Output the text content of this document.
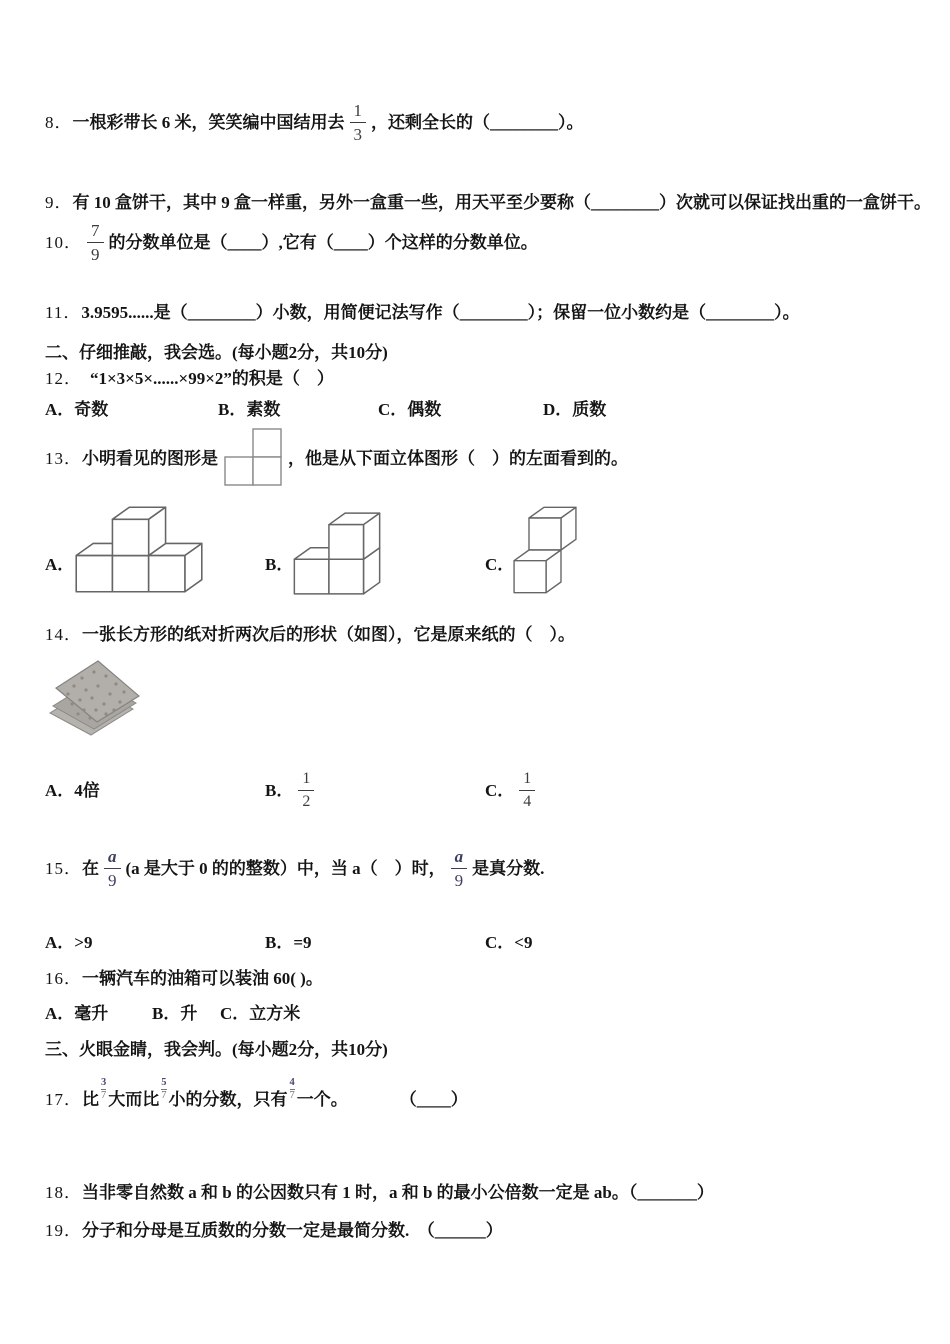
8． 一根彩带长 6 米，笑笑编中国结用去 $\frac{1}{3}$ ，还剩全长的（________）。
9． 有 10 盒饼干，其中 9 盒一样重，另外一盒重一些，用天平至少要称（________）次就可以保证找出重的一盒饼干。
10． $\frac{7}{9}$ 的分数单位是（____）,它有（____）个这样的分数单位。
11． 3.9595......是（________）小数，用简便记法写作（________）；保留一位小数约是（________）。
二、仔细推敲，我会选。(每小题2分，共10分)
12． “1×3×5×......×99×2”的积是（　）
A．奇数	B．素数	C．偶数	D．质数
13． 小明看见的图形是	，他是从下面立体图形（　）的左面看到的。
A．	B．	C．
14． 一张长方形的纸对折两次后的形状（如图），它是原来纸的（　）。
A．4倍	B． $\frac{1}{2}$	C． $\frac{1}{4}$
15． 在 $\frac{a}{9} (a$ 是大于 0 的的整数）中，当 a（　）时， $\frac{a}{9}$ 是真分数.
A．>9	B．=9	C．<9
16． 一辆汽车的油箱可以装油 60( )。
A．毫升	B．升 C．立方米
三、火眼金睛，我会判。(每小题2分，共10分)
17． 比 $\frac{3}{7}$ 大而比 $\frac{5}{7}$ 小的分数，只有 $\frac{4}{7}$ 一个。	（____）
18． 当非零自然数 a 和 b 的公因数只有 1 时，a 和 b 的最小公倍数一定是 ab。（_______）
19． 分子和分母是互质数的分数一定是最简分数.　（______）
